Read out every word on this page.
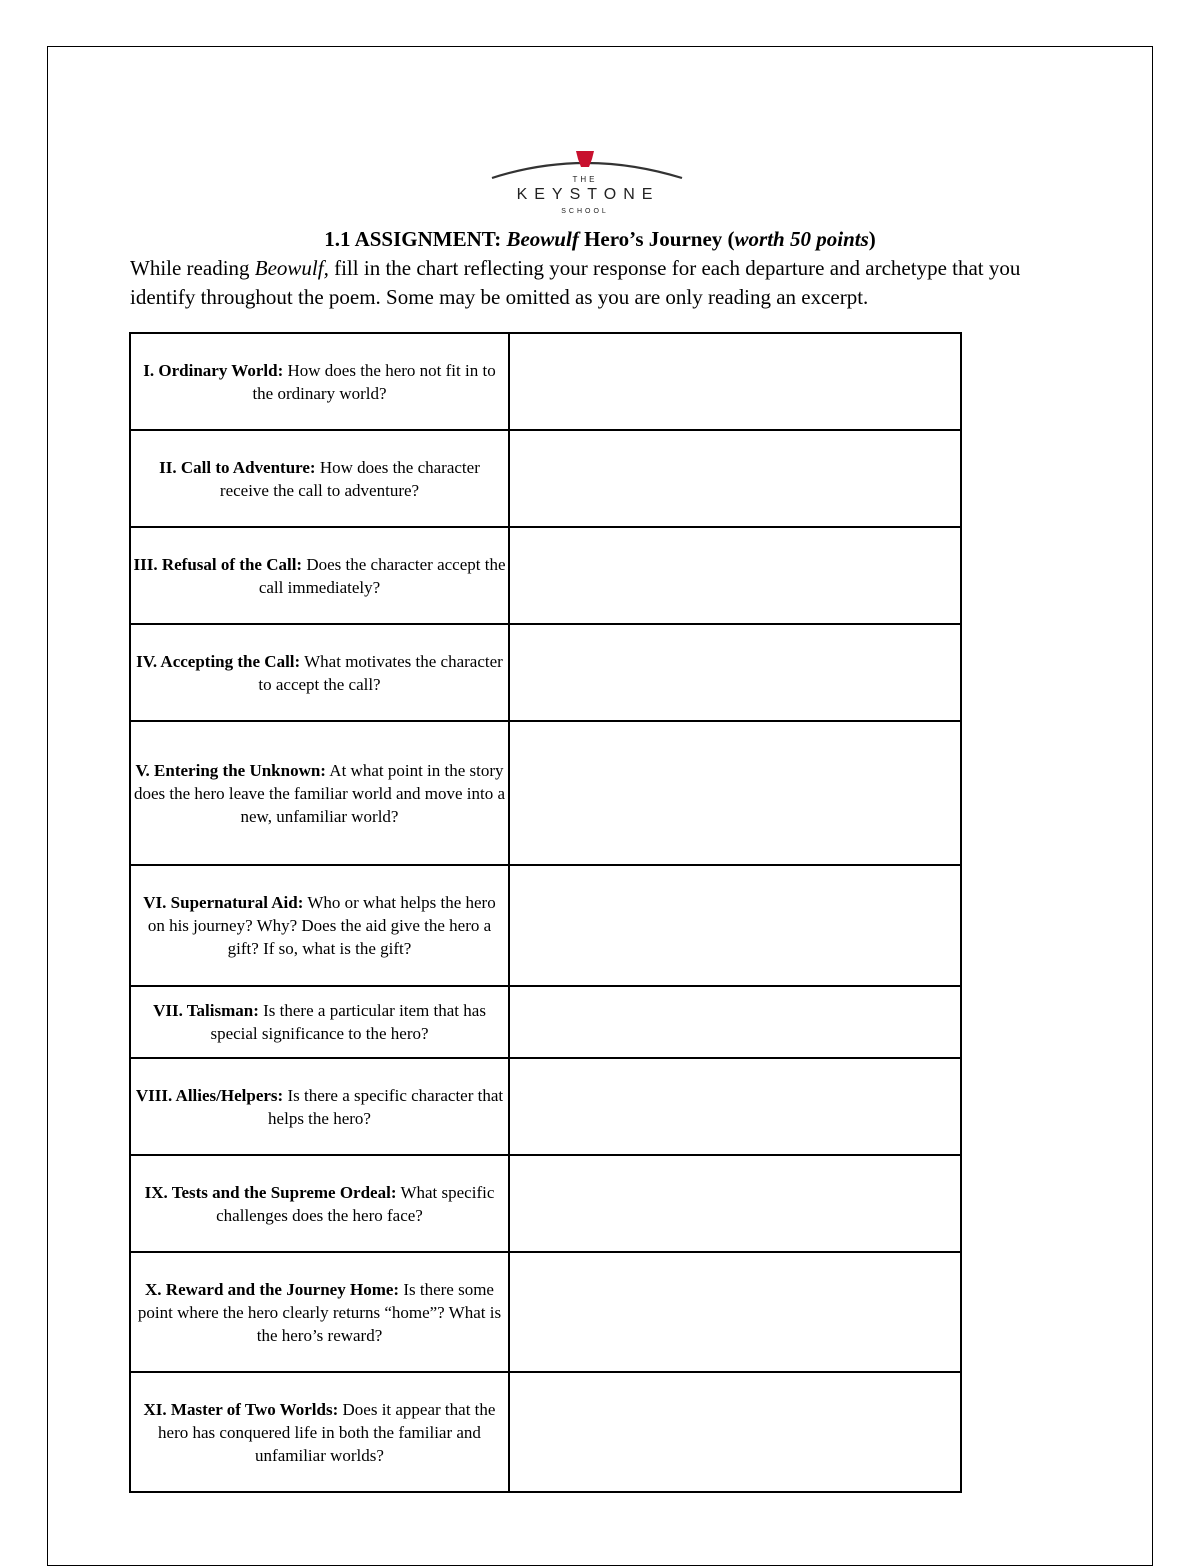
THE
KEYSTONE
SCHOOL
1.1 ASSIGNMENT: Beowulf Hero’s Journey (worth 50 points)
While reading Beowulf, fill in the chart reflecting your response for each departure and archetype that you identify throughout the poem. Some may be omitted as you are only reading an excerpt.
I. Ordinary World: How does the hero not fit in to the ordinary world?	
II. Call to Adventure: How does the character receive the call to adventure?	
III. Refusal of the Call: Does the character accept the call immediately?	
IV. Accepting the Call: What motivates the character to accept the call?	
V. Entering the Unknown: At what point in the story does the hero leave the familiar world and move into a new, unfamiliar world?	
VI. Supernatural Aid: Who or what helps the hero on his journey? Why? Does the aid give the hero a gift? If so, what is the gift?	
VII. Talisman: Is there a particular item that has special significance to the hero?	
VIII. Allies/Helpers: Is there a specific character that helps the hero?	
IX. Tests and the Supreme Ordeal: What specific challenges does the hero face?	
X. Reward and the Journey Home: Is there some point where the hero clearly returns “home”? What is the hero’s reward?	
XI. Master of Two Worlds: Does it appear that the hero has conquered life in both the familiar and unfamiliar worlds?	
